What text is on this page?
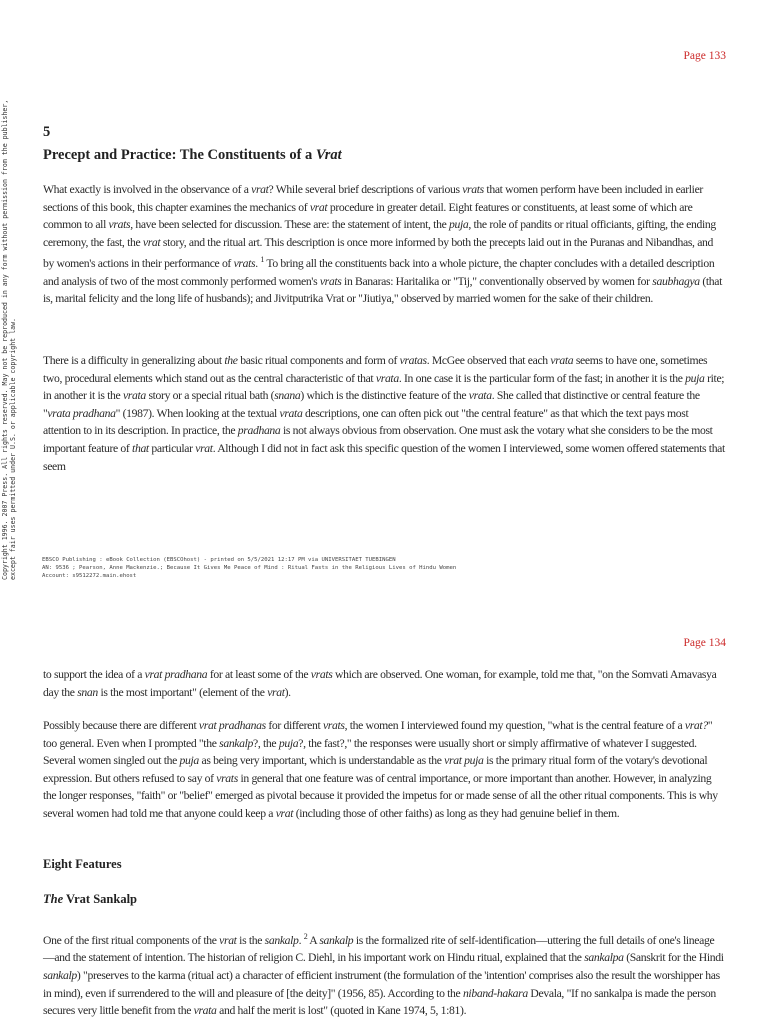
Copyright 1996. 2007 Press. All rights reserved. May not be reproduced in any form without permission from the publisher, except fair uses permitted under U.S. or applicable copyright law.
Page 133
5
Precept and Practice: The Constituents of a Vrat

What exactly is involved in the observance of a vrat? While several brief descriptions of various vrats that women perform have been included in earlier sections of this book, this chapter examines the mechanics of vrat procedure in greater detail. Eight features or constituents, at least some of which are common to all vrats, have been selected for discussion. These are: the statement of intent, the puja, the role of pandits or ritual officiants, gifting, the ending ceremony, the fast, the vrat story, and the ritual art. This description is once more informed by both the precepts laid out in the Puranas and Nibandhas, and by women's actions in their performance of vrats. $^1$ To bring all the constituents back into a whole picture, the chapter concludes with a detailed description and analysis of two of the most commonly performed women's vrats in Banaras: Haritalika or "Tij," conventionally observed by women for saubhagya (that is, marital felicity and the long life of husbands); and Jivitputrika Vrat or "Jiutiya," observed by married women for the sake of their children.

There is a difficulty in generalizing about the basic ritual components and form of vratas. McGee observed that each vrata seems to have one, sometimes two, procedural elements which stand out as the central characteristic of that vrata. In one case it is the particular form of the fast; in another it is the puja rite; in another it is the vrata story or a special ritual bath (snana) which is the distinctive feature of the vrata. She called that distinctive or central feature the "vrata pradhana" (1987). When looking at the textual vrata descriptions, one can often pick out "the central feature" as that which the text pays most attention to in its description. In practice, the pradhana is not always obvious from observation. One must ask the votary what she considers to be the most important feature of that particular vrat. Although I did not in fact ask this specific question of the women I interviewed, some women offered statements that seem

EBSCO Publishing : eBook Collection (EBSCOhost) - printed on 5/5/2021 12:17 PM via UNIVERSITAET TUEBINGEN
AN: 9536 ; Pearson, Anne Mackenzie.; Because It Gives Me Peace of Mind : Ritual Fasts in the Religious Lives of Hindu Women
Account: s9512272.main.ehost
Page 134

to support the idea of a vrat pradhana for at least some of the vrats which are observed. One woman, for example, told me that, "on the Somvati Amavasya day the snan is the most important" (element of the vrat).

Possibly because there are different vrat pradhanas for different vrats, the women I interviewed found my question, "what is the central feature of a vrat?" too general. Even when I prompted "the sankalp?, the puja?, the fast?," the responses were usually short or simply affirmative of whatever I suggested. Several women singled out the puja as being very important, which is understandable as the vrat puja is the primary ritual form of the votary's devotional expression. But others refused to say of vrats in general that one feature was of central importance, or more important than another. However, in analyzing the longer responses, "faith" or "belief" emerged as pivotal because it provided the impetus for or made sense of all the other ritual components. This is why several women had told me that anyone could keep a vrat (including those of other faiths) as long as they had genuine belief in them.

Eight Features
The Vrat Sankalp

One of the first ritual components of the vrat is the sankalp. $^2$ A sankalp is the formalized rite of self-identification—uttering the full details of one's lineage—and the statement of intention. The historian of religion C. Diehl, in his important work on Hindu ritual, explained that the sankalpa (Sanskrit for the Hindi sankalp) "preserves to the karma (ritual act) a character of efficient instrument (the formulation of the 'intention' comprises also the result the worshipper has in mind), even if surrendered to the will and pleasure of [the deity]" (1956, 85). According to the niband-hakara Devala, "If no sankalpa is made the person secures very little benefit from the vrata and half the merit is lost" (quoted in Kane 1974, 5, 1:81).
